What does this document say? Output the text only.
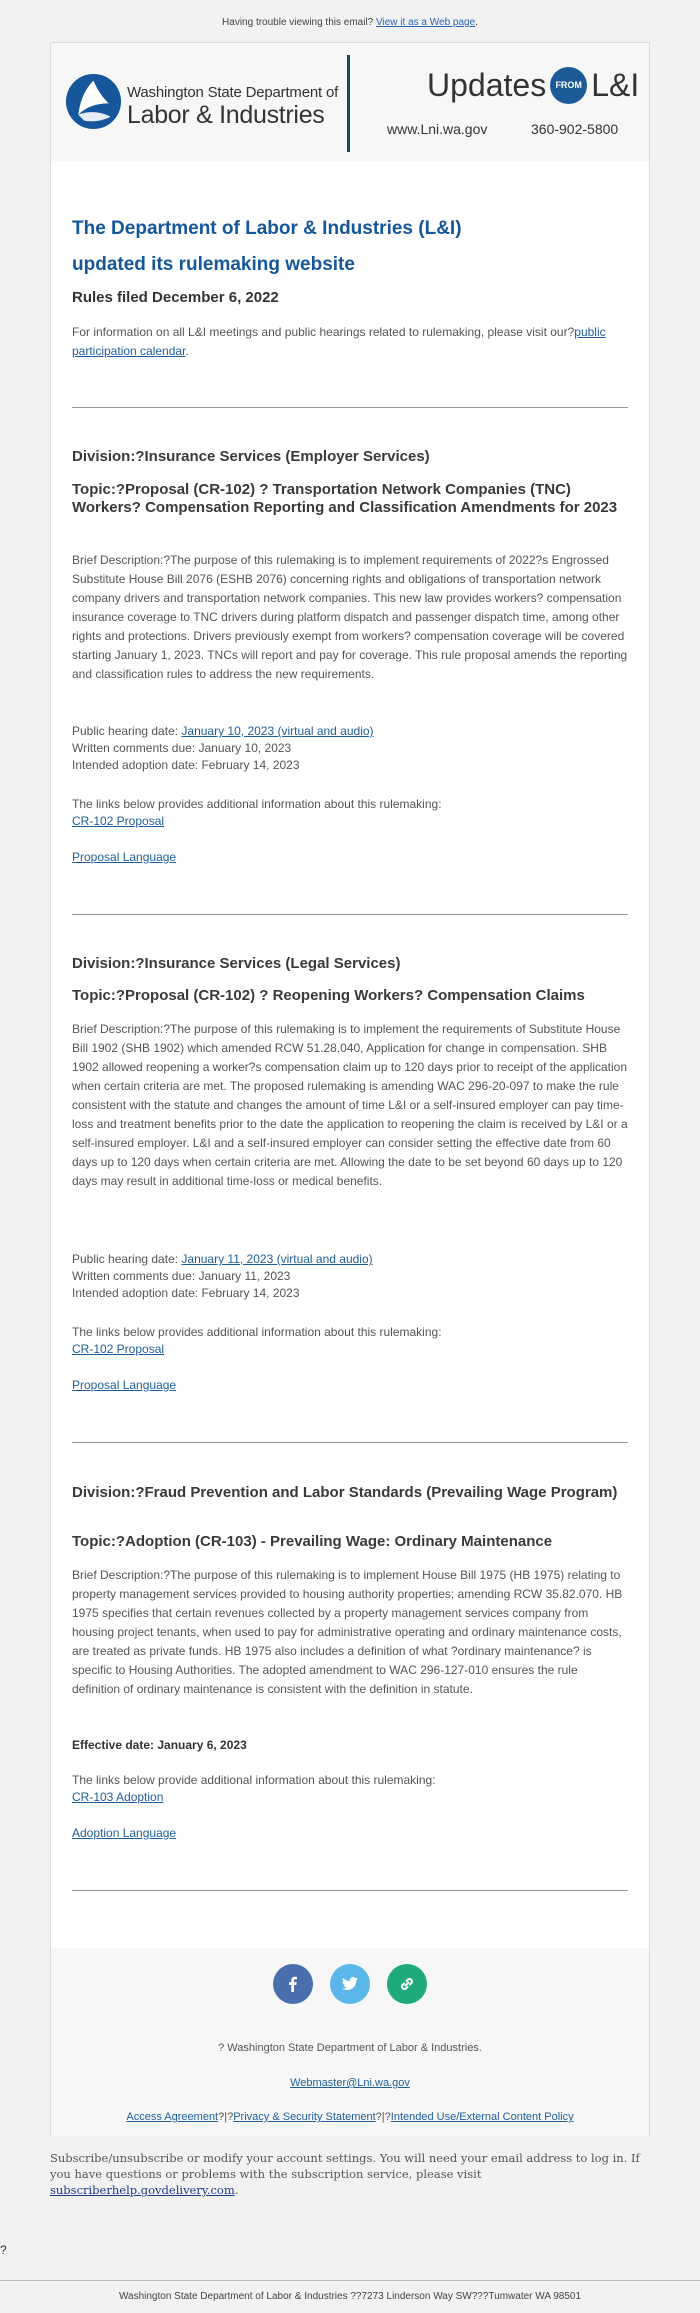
Having trouble viewing this email? View it as a Web page.
Washington State Department of
Labor & Industries
Updates	FROM L&I
www.Lni.wa.gov	360-902-5800
The Department of Labor & Industries (L&I)
updated its rulemaking website
Rules filed December 6, 2022
For information on all L&I meetings and public hearings related to rulemaking, please visit our?public participation calendar.
Division:?Insurance Services (Employer Services)
Topic:?Proposal (CR-102) ? Transportation Network Companies (TNC) Workers? Compensation Reporting and Classification Amendments for 2023
Brief Description:?The purpose of this rulemaking is to implement requirements of 2022?s Engrossed Substitute House Bill 2076 (ESHB 2076) concerning rights and obligations of transportation network company drivers and transportation network companies. This new law provides workers? compensation insurance coverage to TNC drivers during platform dispatch and passenger dispatch time, among other rights and protections. Drivers previously exempt from workers? compensation coverage will be covered starting January 1, 2023. TNCs will report and pay for coverage. This rule proposal amends the reporting and classification rules to address the new requirements.
Public hearing date: January 10, 2023 (virtual and audio)
Written comments due: January 10, 2023
Intended adoption date: February 14, 2023
The links below provides additional information about this rulemaking:
CR-102 Proposal
Proposal Language
Division:?Insurance Services (Legal Services)
Topic:?Proposal (CR-102) ? Reopening Workers? Compensation Claims
Brief Description:?The purpose of this rulemaking is to implement the requirements of Substitute House Bill 1902 (SHB 1902) which amended RCW 51.28.040, Application for change in compensation. SHB 1902 allowed reopening a worker?s compensation claim up to 120 days prior to receipt of the application when certain criteria are met. The proposed rulemaking is amending WAC 296-20-097 to make the rule consistent with the statute and changes the amount of time L&I or a self-insured employer can pay time-loss and treatment benefits prior to the date the application to reopening the claim is received by L&I or a self-insured employer. L&I and a self-insured employer can consider setting the effective date from 60 days up to 120 days when certain criteria are met. Allowing the date to be set beyond 60 days up to 120 days may result in additional time-loss or medical benefits.
Public hearing date: January 11, 2023 (virtual and audio)
Written comments due: January 11, 2023
Intended adoption date: February 14, 2023
The links below provides additional information about this rulemaking:
CR-102 Proposal
Proposal Language
Division:?Fraud Prevention and Labor Standards (Prevailing Wage Program)
Topic:?Adoption (CR-103) - Prevailing Wage: Ordinary Maintenance
Brief Description:?The purpose of this rulemaking is to implement House Bill 1975 (HB 1975) relating to property management services provided to housing authority properties; amending RCW 35.82.070. HB 1975 specifies that certain revenues collected by a property management services company from housing project tenants, when used to pay for administrative operating and ordinary maintenance costs, are treated as private funds. HB 1975 also includes a definition of what ?ordinary maintenance? is specific to Housing Authorities. The adopted amendment to WAC 296-127-010 ensures the rule definition of ordinary maintenance is consistent with the definition in statute.
Effective date: January 6, 2023
The links below provide additional information about this rulemaking:
CR-103 Adoption
Adoption Language
? Washington State Department of Labor & Industries.
Webmaster@Lni.wa.gov
Access Agreement?|?Privacy & Security Statement?|?Intended Use/External Content Policy
Subscribe/unsubscribe or modify your account settings. You will need your email address to log in. If you have questions or problems with the subscription service, please visit subscriberhelp.govdelivery.com.
?
Washington State Department of Labor & Industries ??7273 Linderson Way SW???Tumwater WA 98501
